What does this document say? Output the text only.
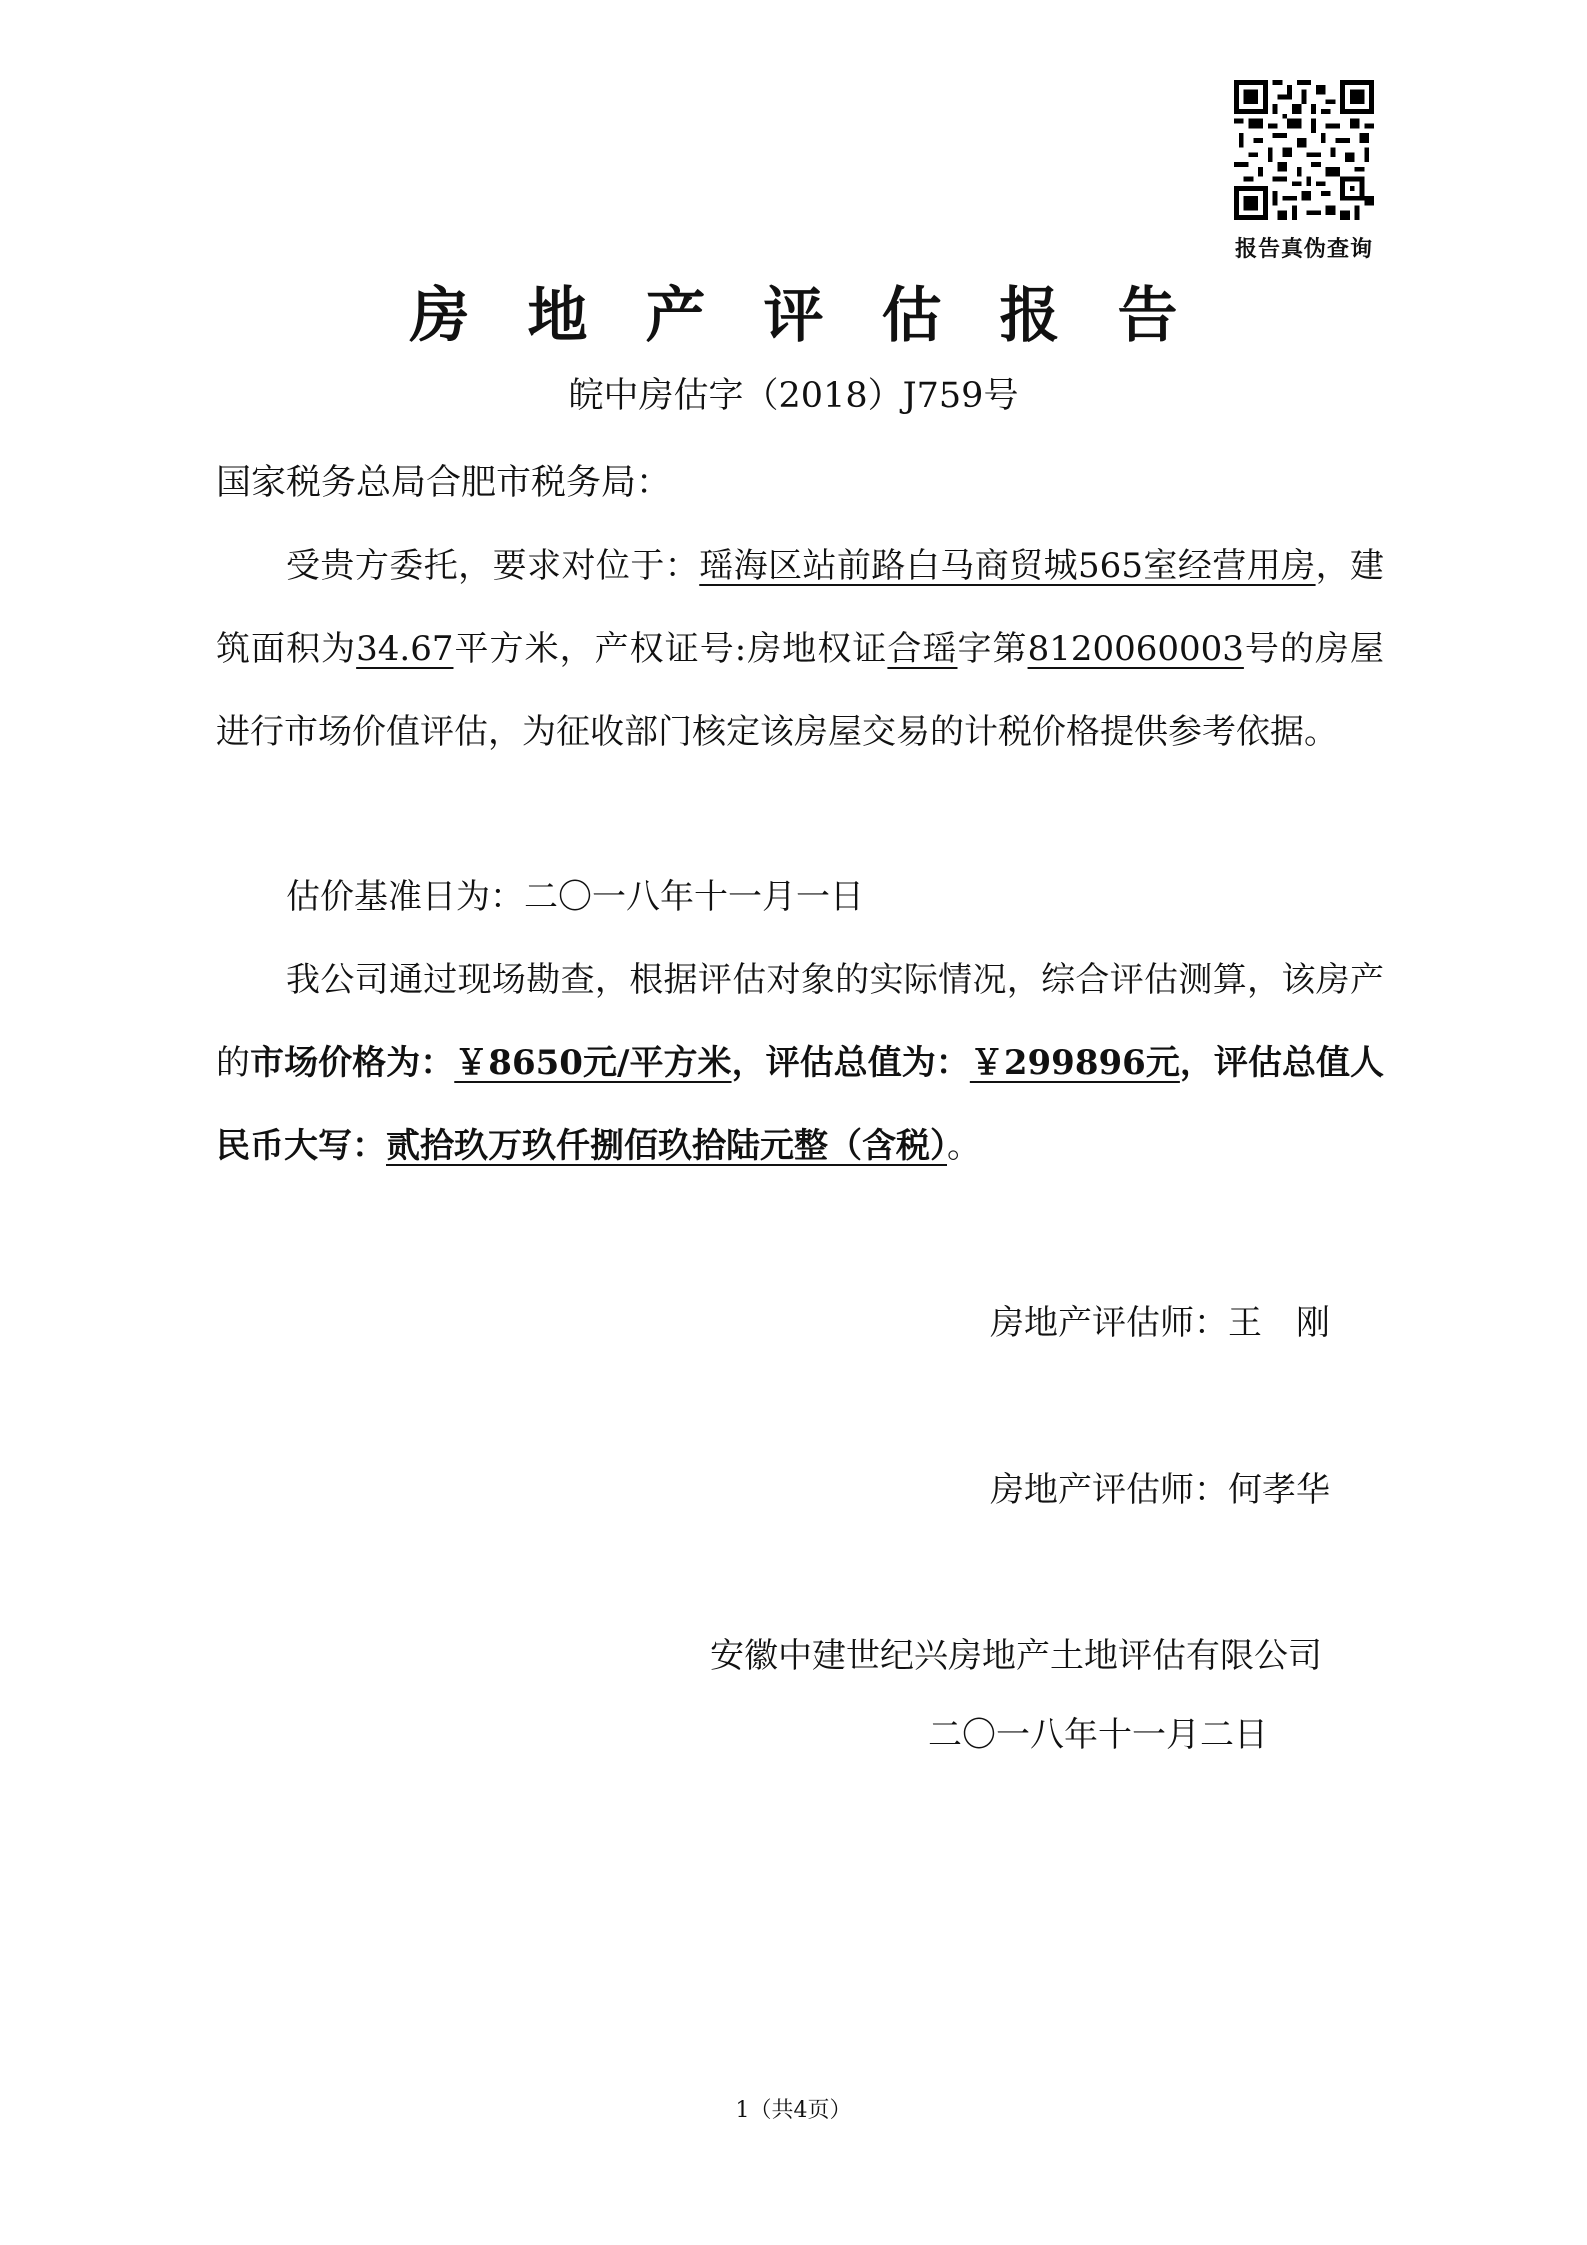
报告真伪查询
房 地 产 评 估 报 告
皖中房估字（2018）J759号
国家税务总局合肥市税务局：

受贵方委托，要求对位于：瑶海区站前路白马商贸城565室经营用房，建筑面积为34.67平方米，产权证号:房地权证合瑶字第8120060003号的房屋进行市场价值评估，为征收部门核定该房屋交易的计税价格提供参考依据。

估价基准日为：二〇一八年十一月一日

我公司通过现场勘查，根据评估对象的实际情况，综合评估测算，该房产的市场价格为：￥8650元/平方米，评估总值为：￥299896元，评估总值人民币大写：贰拾玖万玖仟捌佰玖拾陆元整（含税）。

房地产评估师：王　刚
房地产评估师：何孝华
安徽中建世纪兴房地产土地评估有限公司
二〇一八年十一月二日
1（共4页）
